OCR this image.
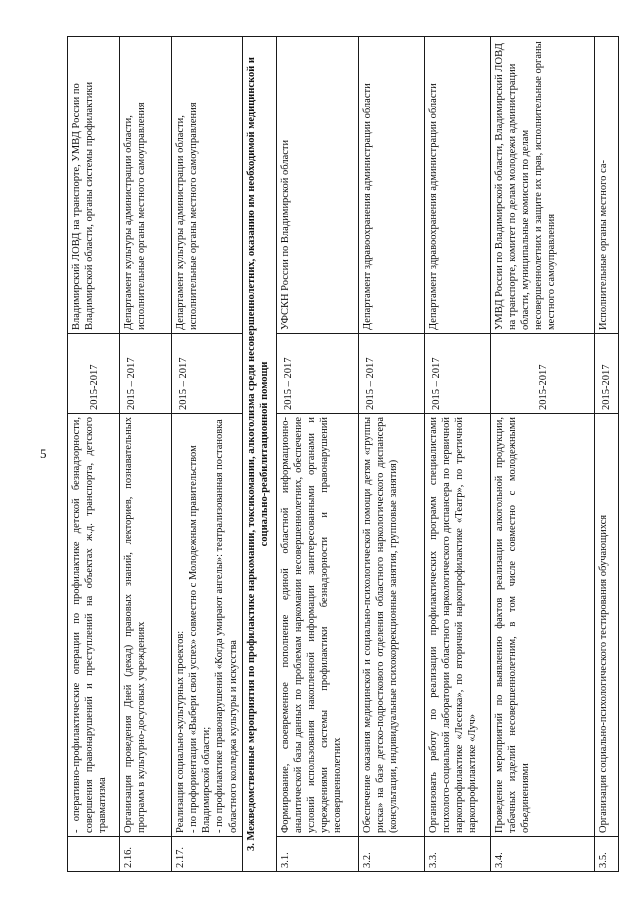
5
	- оперативно-профилактические операции по профилактике детской безнадзорности, совершения правонарушений и преступлений на объектах ж.д. транспорта, детского травматизма	2015-2017	Владимирский ЛОВД на транспорте, УМВД России по Владимирской области, органы системы профилактики
2.16.	Организация проведения Дней (декад) правовых знаний, лекториев, познавательных программ в культурно-досуговых учреждениях	2015 – 2017	Департамент культуры администрации области, исполнительные органы местного самоуправления
2.17.	Реализация социально-культурных проектов:
- по профориентации «Выбери свой успех» совместно с Молодежным правительством Владимирской области;
- по профилактике правонарушений «Когда умирают ангелы»: театрализованная постановка областного колледжа культуры и искусства	2015 – 2017	Департамент культуры администрации области, исполнительные органы местного самоуправления
3. Межведомственные мероприятия по профилактике наркомании, токсикомании, алкоголизма среди несовершеннолетних, оказанию им необходимой медицинской и социально-реабилитационной помощи			
3.1.	Формирование, своевременное пополнение единой областной информационно-аналитической базы данных по проблемам наркомании несовершеннолетних, обеспечение условий использования накопленной информации заинтересованными органами и учреждениями системы профилактики безнадзорности и правонарушений несовершеннолетних	2015 – 2017	УФСКН России по Владимирской области
3.2.	Обеспечение оказания медицинской и социально-психологической помощи детям «группы риска» на базе детско-подросткового отделения областного наркологического диспансера (консультации, индивидуальные психокоррекционные занятия, групповые занятия)	2015 – 2017	Департамент здравоохранения администрации области
3.3.	Организовать работу по реализации профилактических программ специалистами психолого-социальной лаборатории областного наркологического диспансера по первичной наркопрофилактике «Лесенка», по вторичной наркопрофилактике «Театр», по третичной наркопрофилактике «Луч»	2015 – 2017	Департамент здравоохранения администрации области
3.4.	Проведение мероприятий по выявлению фактов реализации алкогольной продукции, табачных изделий несовершеннолетним, в том числе совместно с молодежными объединениями	2015-2017	УМВД России по Владимирской области, Владимирский ЛОВД на транспорте, комитет по делам молодежи администрации области, муниципальные комиссии по делам несовершеннолетних и защите их прав, исполнительные органы местного самоуправления
3.5.	Организация социально-психологического тестирования обучающихся	2015-2017	Исполнительные органы местного са-
